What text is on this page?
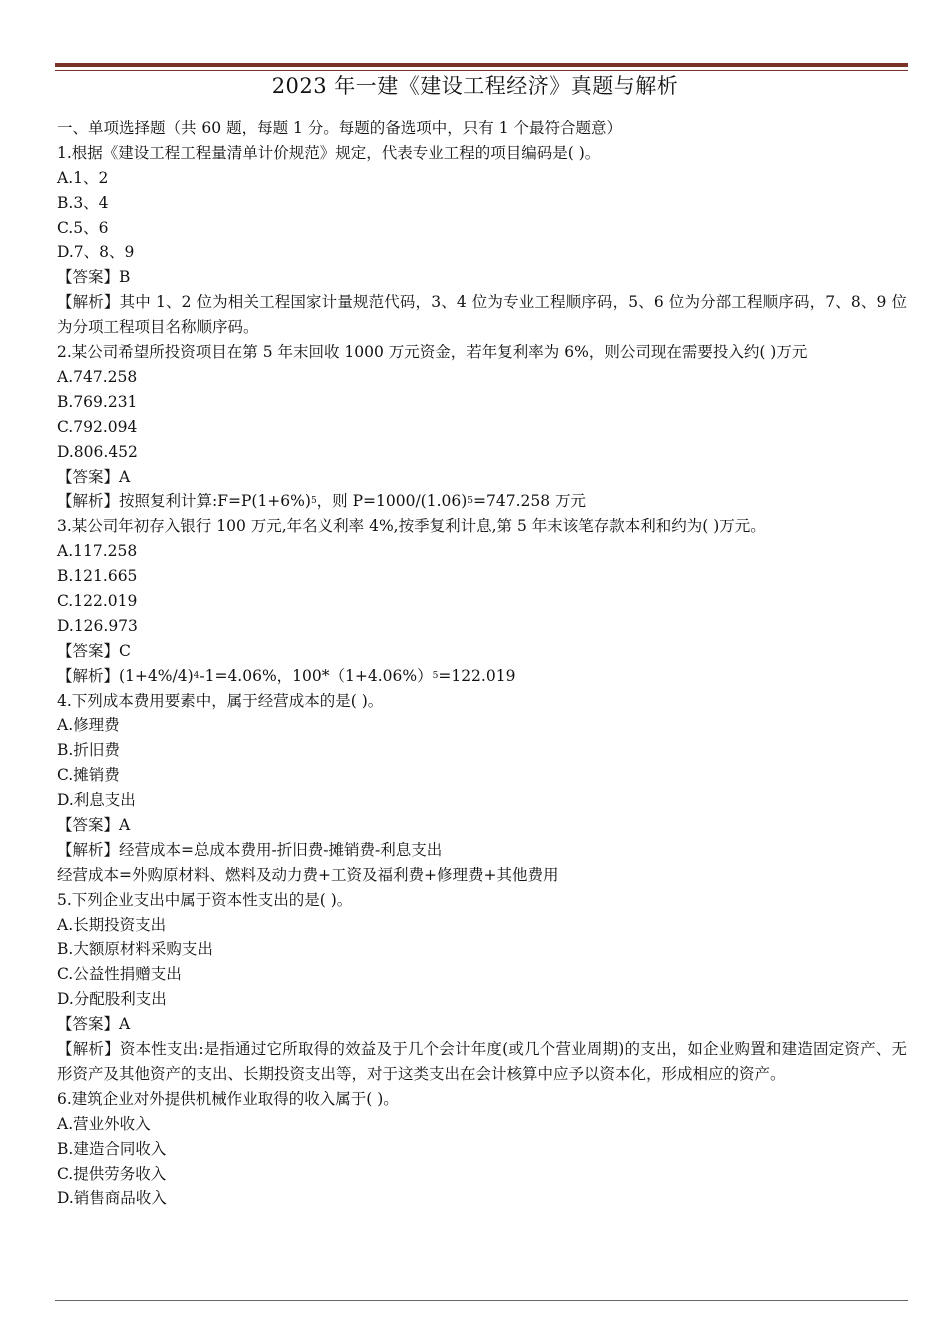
2023 年一建《建设工程经济》真题与解析
一、单项选择题（共 60 题，每题 1 分。每题的备选项中，只有 1 个最符合题意）
1.根据《建设工程工程量清单计价规范》规定，代表专业工程的项目编码是( )。
A.1、2
B.3、4
C.5、6
D.7、8、9
【答案】B
【解析】其中 1、2 位为相关工程国家计量规范代码，3、4 位为专业工程顺序码，5、6 位为分部工程顺序码，7、8、9 位为分项工程项目名称顺序码。
2.某公司希望所投资项目在第 5 年末回收 1000 万元资金，若年复利率为 6%，则公司现在需要投入约( )万元
A.747.258
B.769.231
C.792.094
D.806.452
【答案】A
【解析】按照复利计算$:F=P(1+6\%)^5$，则 $P=1000/(1.06)^5=747.258$ 万元
3.某公司年初存入银行 100 万元,年名义利率 4%,按季复利计息,第 5 年末该笔存款本利和约为( )万元。
A.117.258
B.121.665
C.122.019
D.126.973
【答案】C
【解析】$(1+4\%/4)^4-1=4.06\%$，$100*(1+4.06\%)^5=122.019$
4.下列成本费用要素中，属于经营成本的是( )。
A.修理费
B.折旧费
C.摊销费
D.利息支出
【答案】A
【解析】经营成本=总成本费用-折旧费-摊销费-利息支出
经营成本=外购原材料、燃料及动力费+工资及福利费+修理费+其他费用
5.下列企业支出中属于资本性支出的是( )。
A.长期投资支出
B.大额原材料采购支出
C.公益性捐赠支出
D.分配股利支出
【答案】A
【解析】资本性支出:是指通过它所取得的效益及于几个会计年度(或几个营业周期)的支出，如企业购置和建造固定资产、无形资产及其他资产的支出、长期投资支出等，对于这类支出在会计核算中应予以资本化，形成相应的资产。
6.建筑企业对外提供机械作业取得的收入属于( )。
A.营业外收入
B.建造合同收入
C.提供劳务收入
D.销售商品收入
